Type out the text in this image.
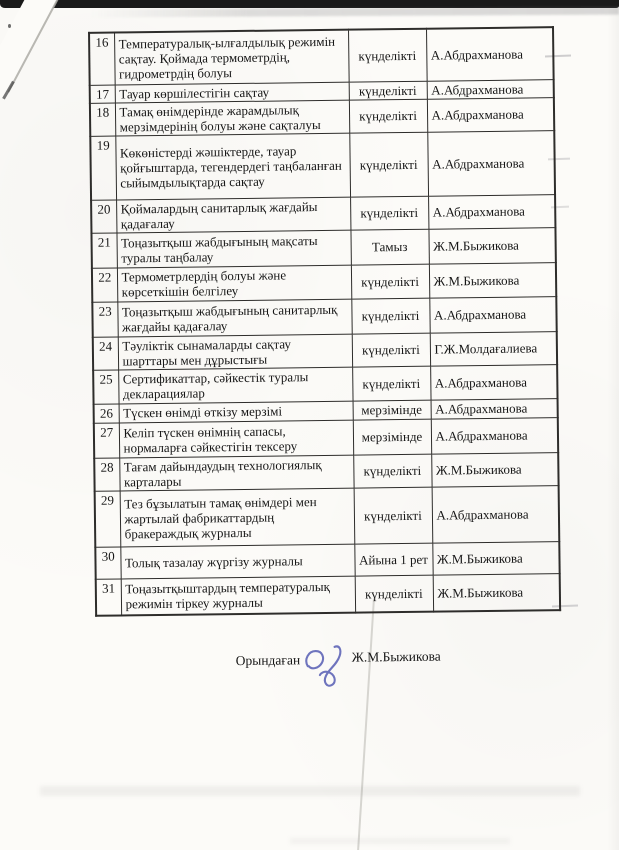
16	Температуралық-ылғалдылық режимін сақтау. Қоймада термометрдің, гидрометрдің болуы	күнделікті	А.Абдрахманова
17	Тауар көршілестігін сақтау	күнделікті	А.Абдрахманова
18	Тамақ өнімдерінде жарамдылық мерзімдерінің болуы және сақталуы	күнделікті	А.Абдрахманова
19	Көкөністерді жәшіктерде, тауар қойғыштарда, тегендердегі таңбаланған сыйымдылықтарда сақтау	күнделікті	А.Абдрахманова
20	Қоймалардың санитарлық жағдайы қадағалау	күнделікті	А.Абдрахманова
21	Тоңазытқыш жабдығының мақсаты туралы таңбалау	Тамыз	Ж.М.Быжикова
22	Термометрлердің болуы және көрсеткішін белгілеу	күнделікті	Ж.М.Быжикова
23	Тоңазытқыш жабдығының санитарлық жағдайы қадағалау	күнделікті	А.Абдрахманова
24	Тәуліктік сынамаларды сақтау шарттары мен дұрыстығы	күнделікті	Г.Ж.Молдағалиева
25	Сертификаттар, сәйкестік туралы декларациялар	күнделікті	А.Абдрахманова
26	Түскен өнімді өткізу мерзімі	мерзімінде	А.Абдрахманова
27	Келіп түскен өнімнің сапасы, нормаларға сәйкестігін тексеру	мерзімінде	А.Абдрахманова
28	Тағам дайындаудың технологиялық карталары	күнделікті	Ж.М.Быжикова
29	Тез бұзылатын тамақ өнімдері мен жартылай фабрикаттардың бракераждық журналы	күнделікті	А.Абдрахманова
30	Толық тазалау жүргізу журналы	Айына 1 рет	Ж.М.Быжикова
31	Тоңазытқыштардың температуралық режимін тіркеу журналы	күнделікті	Ж.М.Быжикова
Орындаған	Ж.М.Быжикова
